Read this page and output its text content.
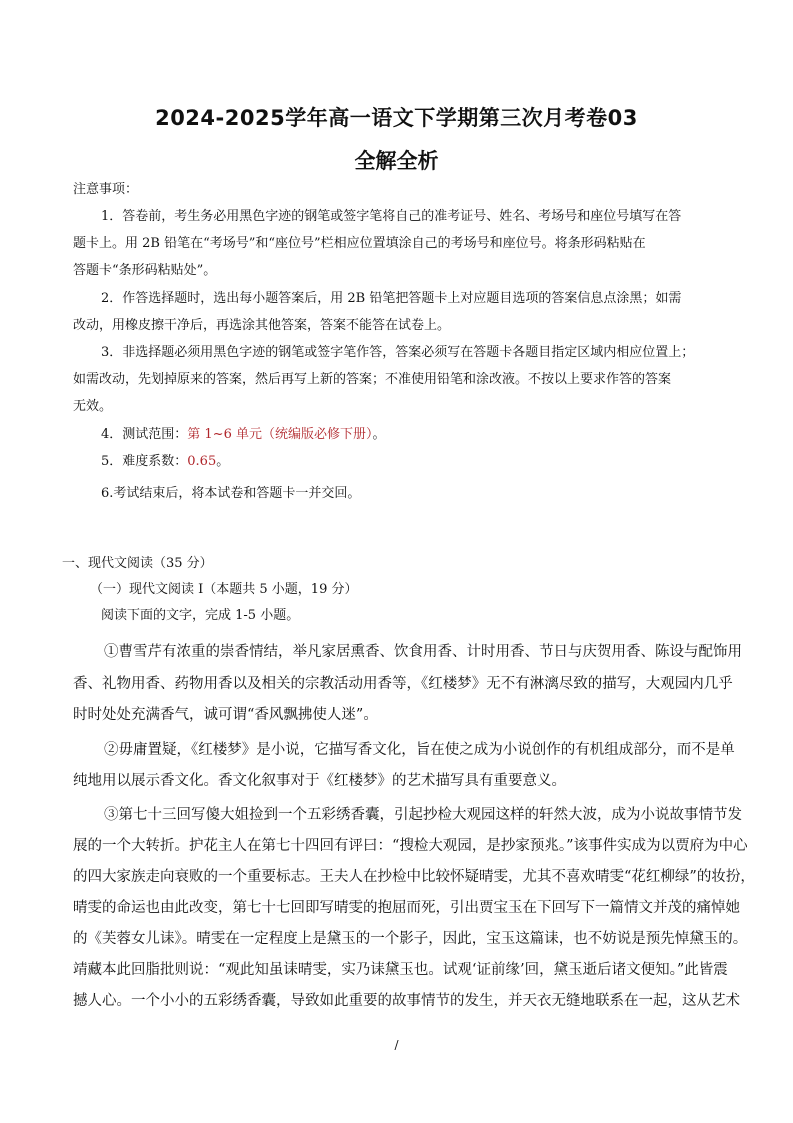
2024-2025学年高一语文下学期第三次月考卷03
全解全析
注意事项：
1．答卷前，考生务必用黑色字迹的钢笔或签字笔将自己的准考证号、姓名、考场号和座位号填写在答
题卡上。用 2B 铅笔在“考场号”和“座位号”栏相应位置填涂自己的考场号和座位号。将条形码粘贴在
答题卡“条形码粘贴处”。
2．作答选择题时，选出每小题答案后，用 2B 铅笔把答题卡上对应题目选项的答案信息点涂黑；如需
改动，用橡皮擦干净后，再选涂其他答案，答案不能答在试卷上。
3．非选择题必须用黑色字迹的钢笔或签字笔作答，答案必须写在答题卡各题目指定区域内相应位置上；
如需改动，先划掉原来的答案，然后再写上新的答案；不准使用铅笔和涂改液。不按以上要求作答的答案
无效。
4．测试范围：第 1~6 单元（统编版必修下册）。
5．难度系数：0.65。
6.考试结束后，将本试卷和答题卡一并交回。
一、现代文阅读（35 分）
（一）现代文阅读 I（本题共 5 小题，19 分）
阅读下面的文字，完成 1-5 小题。
①曹雪芹有浓重的崇香情结，举凡家居熏香、饮食用香、计时用香、节日与庆贺用香、陈设与配饰用
香、礼物用香、药物用香以及相关的宗教活动用香等，《红楼梦》无不有淋漓尽致的描写，大观园内几乎
时时处处充满香气，诚可谓“香风飘拂使人迷”。
②毋庸置疑，《红楼梦》是小说，它描写香文化，旨在使之成为小说创作的有机组成部分，而不是单
纯地用以展示香文化。香文化叙事对于《红楼梦》的艺术描写具有重要意义。
③第七十三回写傻大姐捡到一个五彩绣香囊，引起抄检大观园这样的轩然大波，成为小说故事情节发
展的一个大转折。护花主人在第七十四回有评曰：“搜检大观园，是抄家预兆。”该事件实成为以贾府为中心
的四大家族走向衰败的一个重要标志。王夫人在抄检中比较怀疑晴雯，尤其不喜欢晴雯“花红柳绿”的妆扮，
晴雯的命运也由此改变，第七十七回即写晴雯的抱屈而死，引出贾宝玉在下回写下一篇情文并茂的痛悼她
的《芙蓉女儿诔》。晴雯在一定程度上是黛玉的一个影子，因此，宝玉这篇诔，也不妨说是预先悼黛玉的。
靖藏本此回脂批则说：“观此知虽诔晴雯，实乃诔黛玉也。试观‘证前缘’回，黛玉逝后诸文便知。”此皆震
撼人心。一个小小的五彩绣香囊，导致如此重要的故事情节的发生，并天衣无缝地联系在一起，这从艺术
/
